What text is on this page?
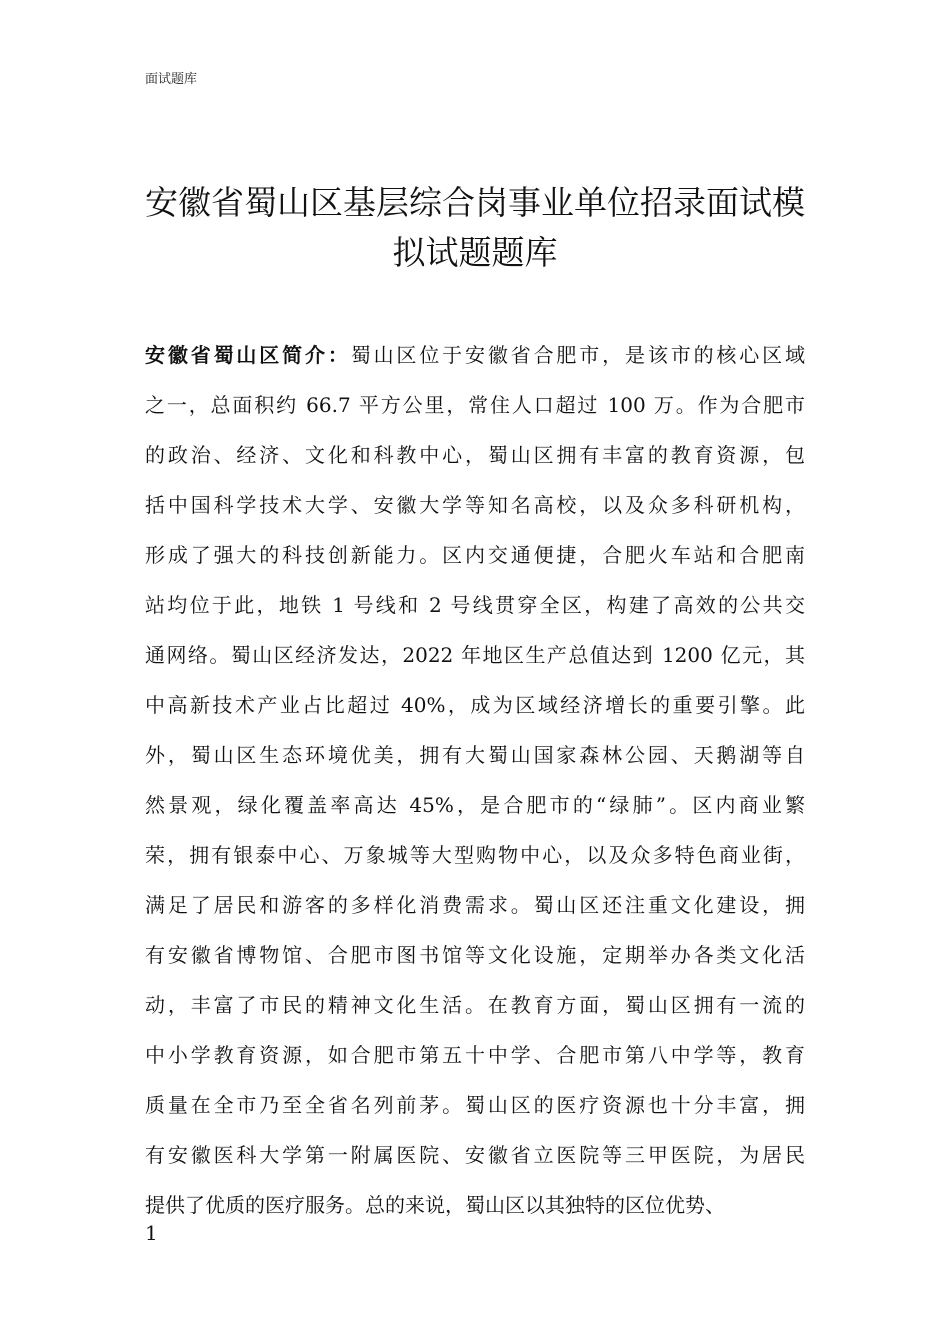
面试题库
安徽省蜀山区基层综合岗事业单位招录面试模
拟试题题库
安徽省蜀山区简介：蜀山区位于安徽省合肥市，是该市的核心区域
之一，总面积约 66.7 平方公里，常住人口超过 100 万。作为合肥市
的政治、经济、文化和科教中心，蜀山区拥有丰富的教育资源，包
括中国科学技术大学、安徽大学等知名高校，以及众多科研机构，
形成了强大的科技创新能力。区内交通便捷，合肥火车站和合肥南
站均位于此，地铁 1 号线和 2 号线贯穿全区，构建了高效的公共交
通网络。蜀山区经济发达，2022 年地区生产总值达到 1200 亿元，其
中高新技术产业占比超过 40%，成为区域经济增长的重要引擎。此
外，蜀山区生态环境优美，拥有大蜀山国家森林公园、天鹅湖等自
然景观，绿化覆盖率高达 45%，是合肥市的“绿肺”。区内商业繁
荣，拥有银泰中心、万象城等大型购物中心，以及众多特色商业街，
满足了居民和游客的多样化消费需求。蜀山区还注重文化建设，拥
有安徽省博物馆、合肥市图书馆等文化设施，定期举办各类文化活
动，丰富了市民的精神文化生活。在教育方面，蜀山区拥有一流的
中小学教育资源，如合肥市第五十中学、合肥市第八中学等，教育
质量在全市乃至全省名列前茅。蜀山区的医疗资源也十分丰富，拥
有安徽医科大学第一附属医院、安徽省立医院等三甲医院，为居民
提供了优质的医疗服务。总的来说，蜀山区以其独特的区位优势、
1
